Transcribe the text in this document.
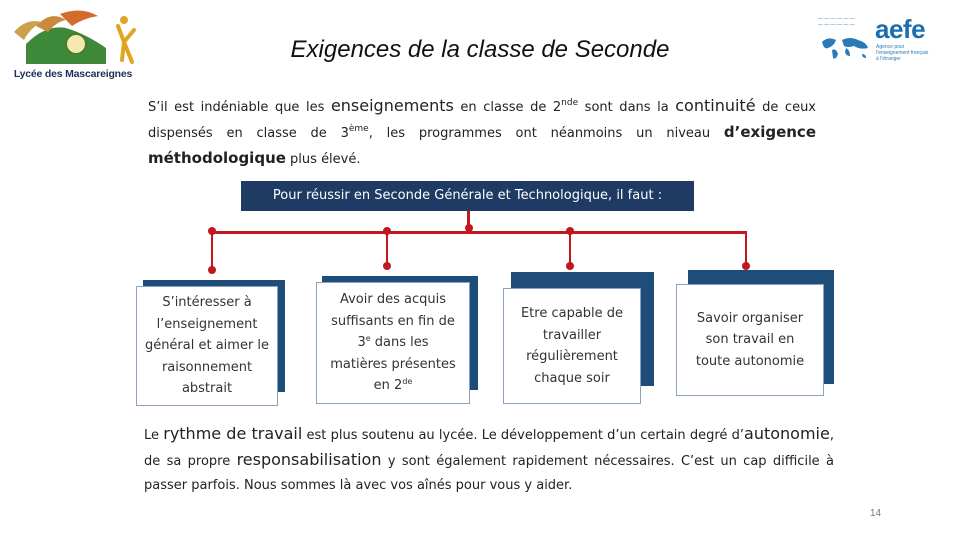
Lycée des Mascareignes
— — — — — —
— — — — — — aefe
Agence pour
l'enseignement français
à l'étranger
Exigences de la classe de Seconde
S’il est indéniable que les enseignements en classe de 2nde sont dans la continuité de ceux dispensés en classe de 3ème, les programmes ont néanmoins un niveau d’exigence méthodologique plus élevé.
Pour réussir en Seconde Générale et Technologique, il faut :
S’intéresser à l’enseignement général et aimer le raisonnement abstrait
Avoir des acquis suffisants en fin de 3e dans les matières présentes en 2de
Etre capable de travailler régulièrement chaque soir
Savoir organiser son travail en toute autonomie
Le rythme de travail est plus soutenu au lycée. Le développement d’un certain degré d’autonomie, de sa propre responsabilisation y sont également rapidement nécessaires. C’est un cap difficile à passer parfois. Nous sommes là avec vos aînés pour vous y aider.
14
